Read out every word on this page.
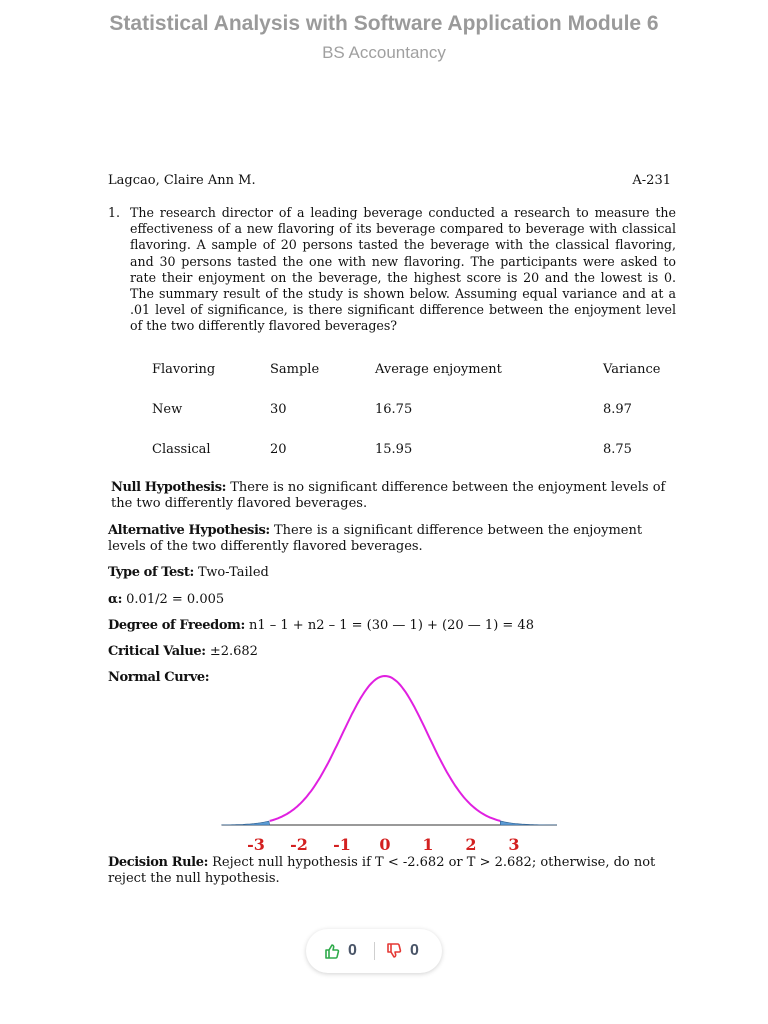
Statistical Analysis with Software Application Module 6
BS Accountancy
Lagcao, Claire Ann M.	A-231
1. The research director of a leading beverage conducted a research to measure the effectiveness of a new flavoring of its beverage compared to beverage with classical flavoring. A sample of 20 persons tasted the beverage with the classical flavoring, and 30 persons tasted the one with new flavoring. The participants were asked to rate their enjoyment on the beverage, the highest score is 20 and the lowest is 0. The summary result of the study is shown below. Assuming equal variance and at a .01 level of significance, is there significant difference between the enjoyment level of the two differently flavored beverages?
Flavoring	Sample	Average enjoyment	Variance
New	30	16.75	8.97
Classical	20	15.95	8.75
Null Hypothesis: There is no significant difference between the enjoyment levels of the two differently flavored beverages.
Alternative Hypothesis: There is a significant difference between the enjoyment levels of the two differently flavored beverages.
Type of Test: Two-Tailed
α: 0.01/2 = 0.005
Degree of Freedom: n1 – 1 + n2 – 1 = (30 — 1) + (20 — 1) = 48
Critical Value: ±2.682
Normal Curve:
-3 -2 -1 0 1 2 3
Decision Rule: Reject null hypothesis if T < -2.682 or T > 2.682; otherwise, do not reject the null hypothesis.
0	0
